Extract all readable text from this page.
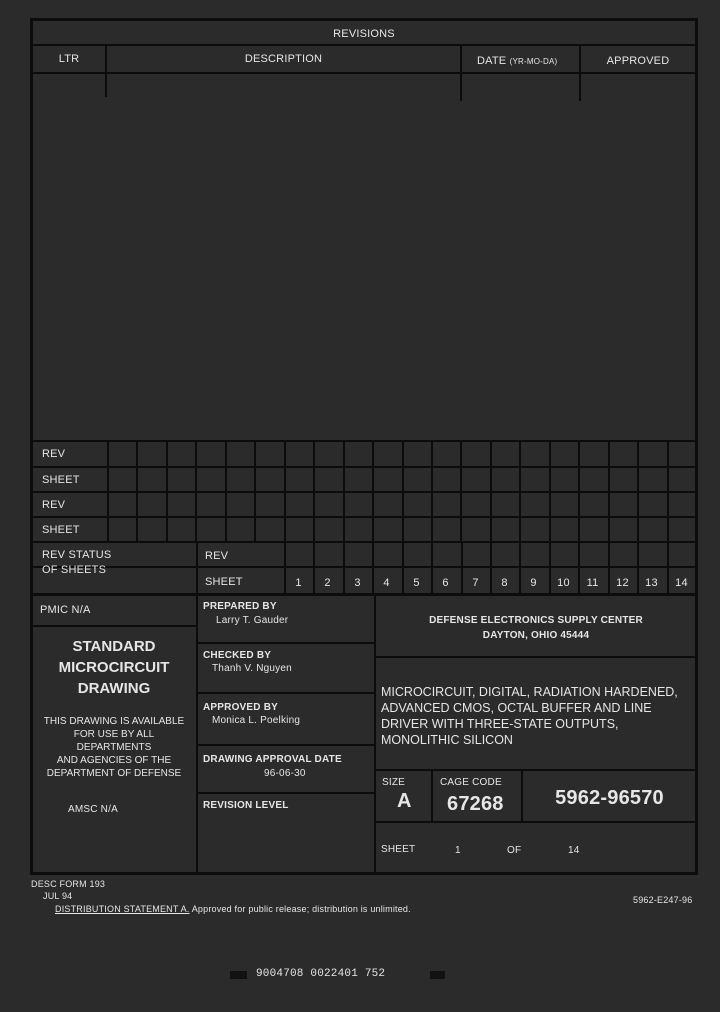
REVISIONS
LTR	DESCRIPTION	DATE (YR-MO-DA)	APPROVED
REV
SHEET
REV
SHEET
REV STATUS
OF SHEETS
REV
SHEET	1	2	3	4	5	6	7	8	9	10	11	12	13	14
PMIC N/A
STANDARD
MICROCIRCUIT
DRAWING
THIS DRAWING IS AVAILABLE
FOR USE BY ALL
DEPARTMENTS
AND AGENCIES OF THE
DEPARTMENT OF DEFENSE
AMSC N/A
PREPARED BY
Larry T. Gauder
CHECKED BY
Thanh V. Nguyen
APPROVED BY
Monica L. Poelking
DRAWING APPROVAL DATE
96-06-30
REVISION LEVEL
DEFENSE ELECTRONICS SUPPLY CENTER
DAYTON, OHIO 45444
MICROCIRCUIT, DIGITAL, RADIATION HARDENED,
ADVANCED CMOS, OCTAL BUFFER AND LINE
DRIVER WITH THREE-STATE OUTPUTS,
MONOLITHIC SILICON
SIZE
A
CAGE CODE
67268	5962-96570
SHEET	1	OF	14
DESC FORM 193
JUL 94	5962-E247-96
DISTRIBUTION STATEMENT A. Approved for public release; distribution is unlimited.
9004708 0022401 752
